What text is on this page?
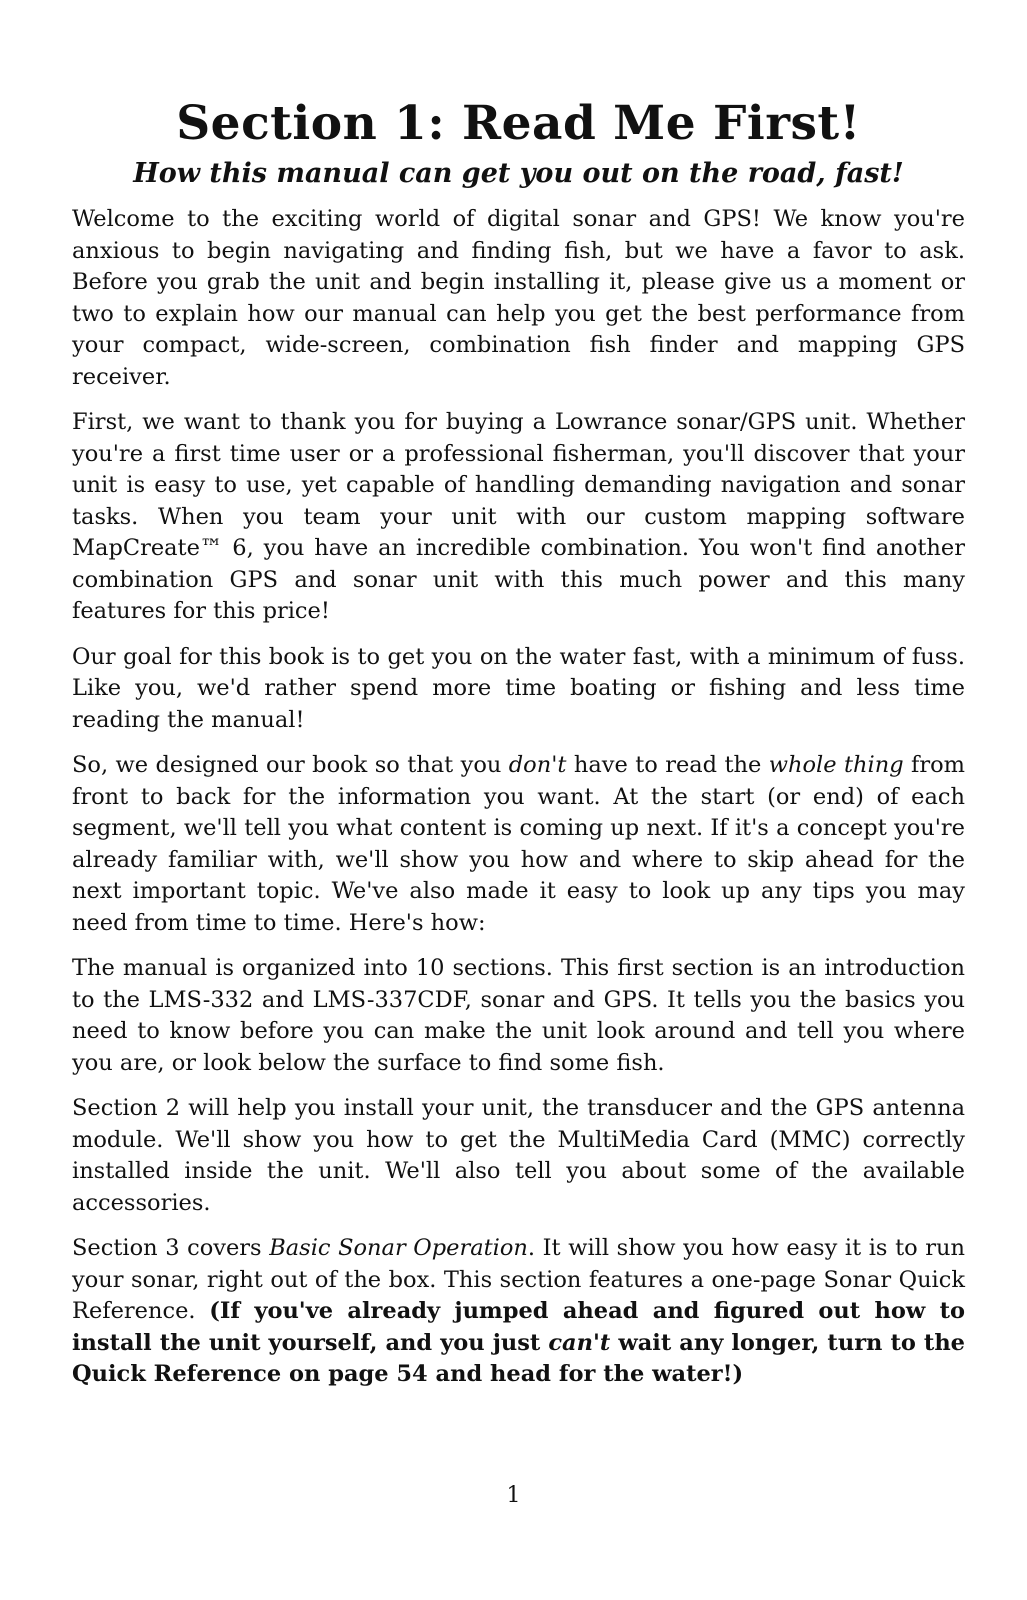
Section 1: Read Me First!
How this manual can get you out on the road, fast!

Welcome to the exciting world of digital sonar and GPS! We know you're anxious to begin navigating and finding fish, but we have a favor to ask. Before you grab the unit and begin installing it, please give us a moment or two to explain how our manual can help you get the best performance from your compact, wide-screen, combination fish finder and mapping GPS receiver.

First, we want to thank you for buying a Lowrance sonar/GPS unit. Whether you're a first time user or a professional fisherman, you'll discover that your unit is easy to use, yet capable of handling demanding navigation and sonar tasks. When you team your unit with our custom mapping software MapCreate™ 6, you have an incredible combination. You won't find another combination GPS and sonar unit with this much power and this many features for this price!

Our goal for this book is to get you on the water fast, with a minimum of fuss. Like you, we'd rather spend more time boating or fishing and less time reading the manual!

So, we designed our book so that you don't have to read the whole thing from front to back for the information you want. At the start (or end) of each segment, we'll tell you what content is coming up next. If it's a concept you're already familiar with, we'll show you how and where to skip ahead for the next important topic. We've also made it easy to look up any tips you may need from time to time. Here's how:

The manual is organized into 10 sections. This first section is an introduction to the LMS-332 and LMS-337CDF, sonar and GPS. It tells you the basics you need to know before you can make the unit look around and tell you where you are, or look below the surface to find some fish.

Section 2 will help you install your unit, the transducer and the GPS antenna module. We'll show you how to get the MultiMedia Card (MMC) correctly installed inside the unit. We'll also tell you about some of the available accessories.

Section 3 covers Basic Sonar Operation. It will show you how easy it is to run your sonar, right out of the box. This section features a one-page Sonar Quick Reference. (If you've already jumped ahead and figured out how to install the unit yourself, and you just can't wait any longer, turn to the Quick Reference on page 54 and head for the water!)

1
